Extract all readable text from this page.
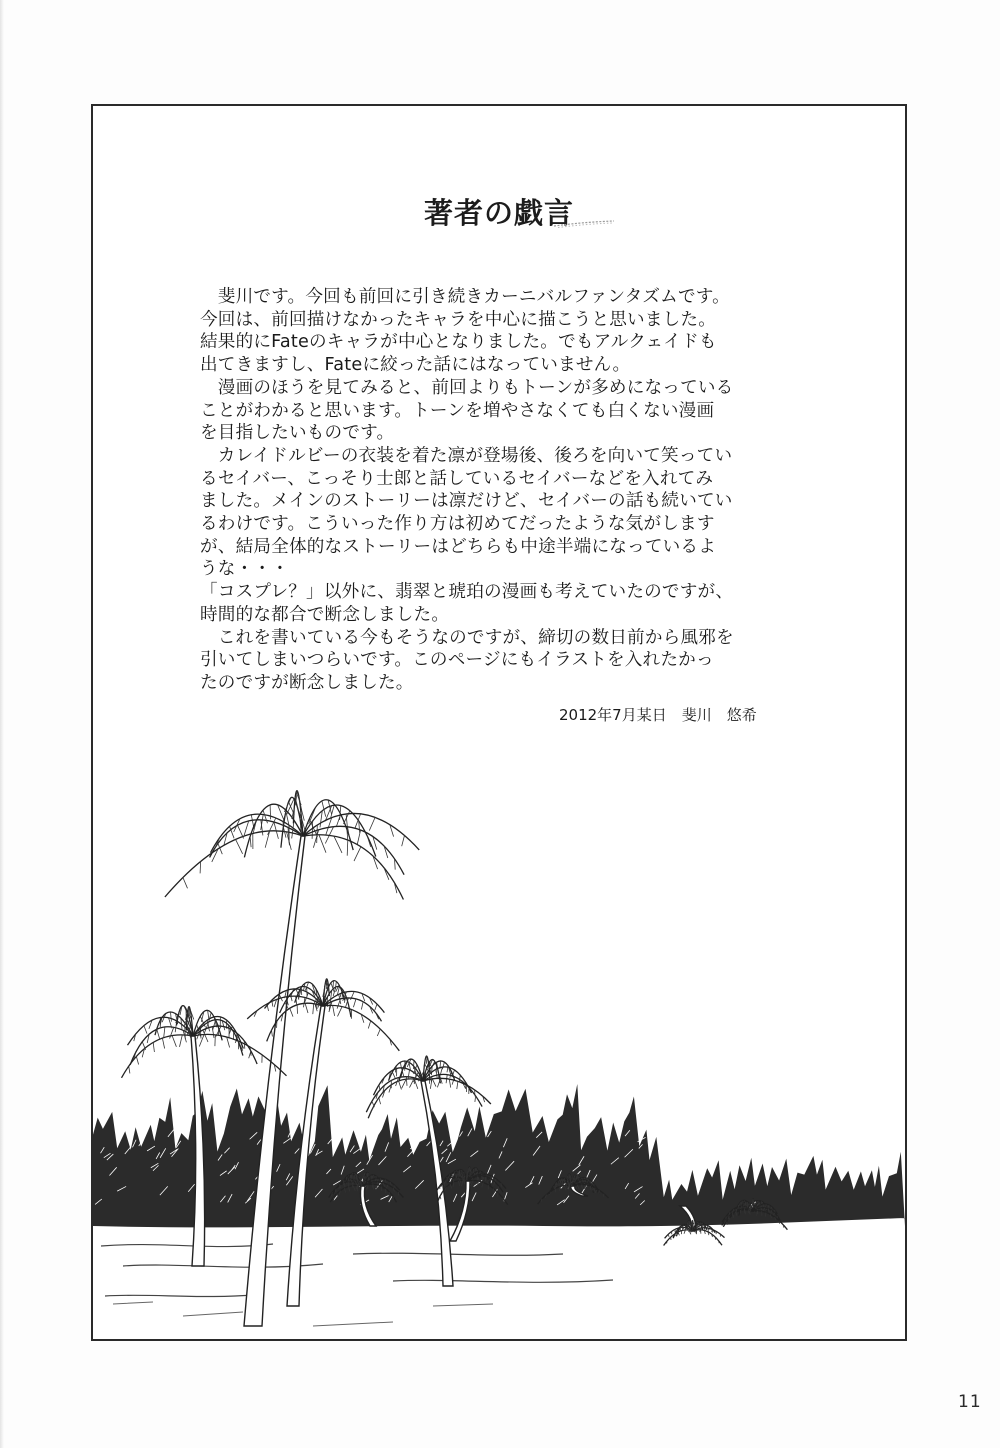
著者の戯言

　斐川です。今回も前回に引き続きカーニバルファンタズムです。

今回は、前回描けなかったキャラを中心に描こうと思いました。

結果的にFateのキャラが中心となりました。でもアルクェイドも

出てきますし、Fateに絞った話にはなっていません。

　漫画のほうを見てみると、前回よりもトーンが多めになっている

ことがわかると思います。トーンを増やさなくても白くない漫画

を目指したいものです。

　カレイドルビーの衣装を着た凛が登場後、後ろを向いて笑ってい

るセイバー、こっそり士郎と話しているセイバーなどを入れてみ

ました。メインのストーリーは凛だけど、セイバーの話も続いてい

るわけです。こういった作り方は初めてだったような気がします

が、結局全体的なストーリーはどちらも中途半端になっているよ

うな・・・

「コスプレ？」以外に、翡翠と琥珀の漫画も考えていたのですが、

時間的な都合で断念しました。

　これを書いている今もそうなのですが、締切の数日前から風邪を

引いてしまいつらいです。このページにもイラストを入れたかっ

たのですが断念しました。

2012年7月某日　斐川　悠希
11
